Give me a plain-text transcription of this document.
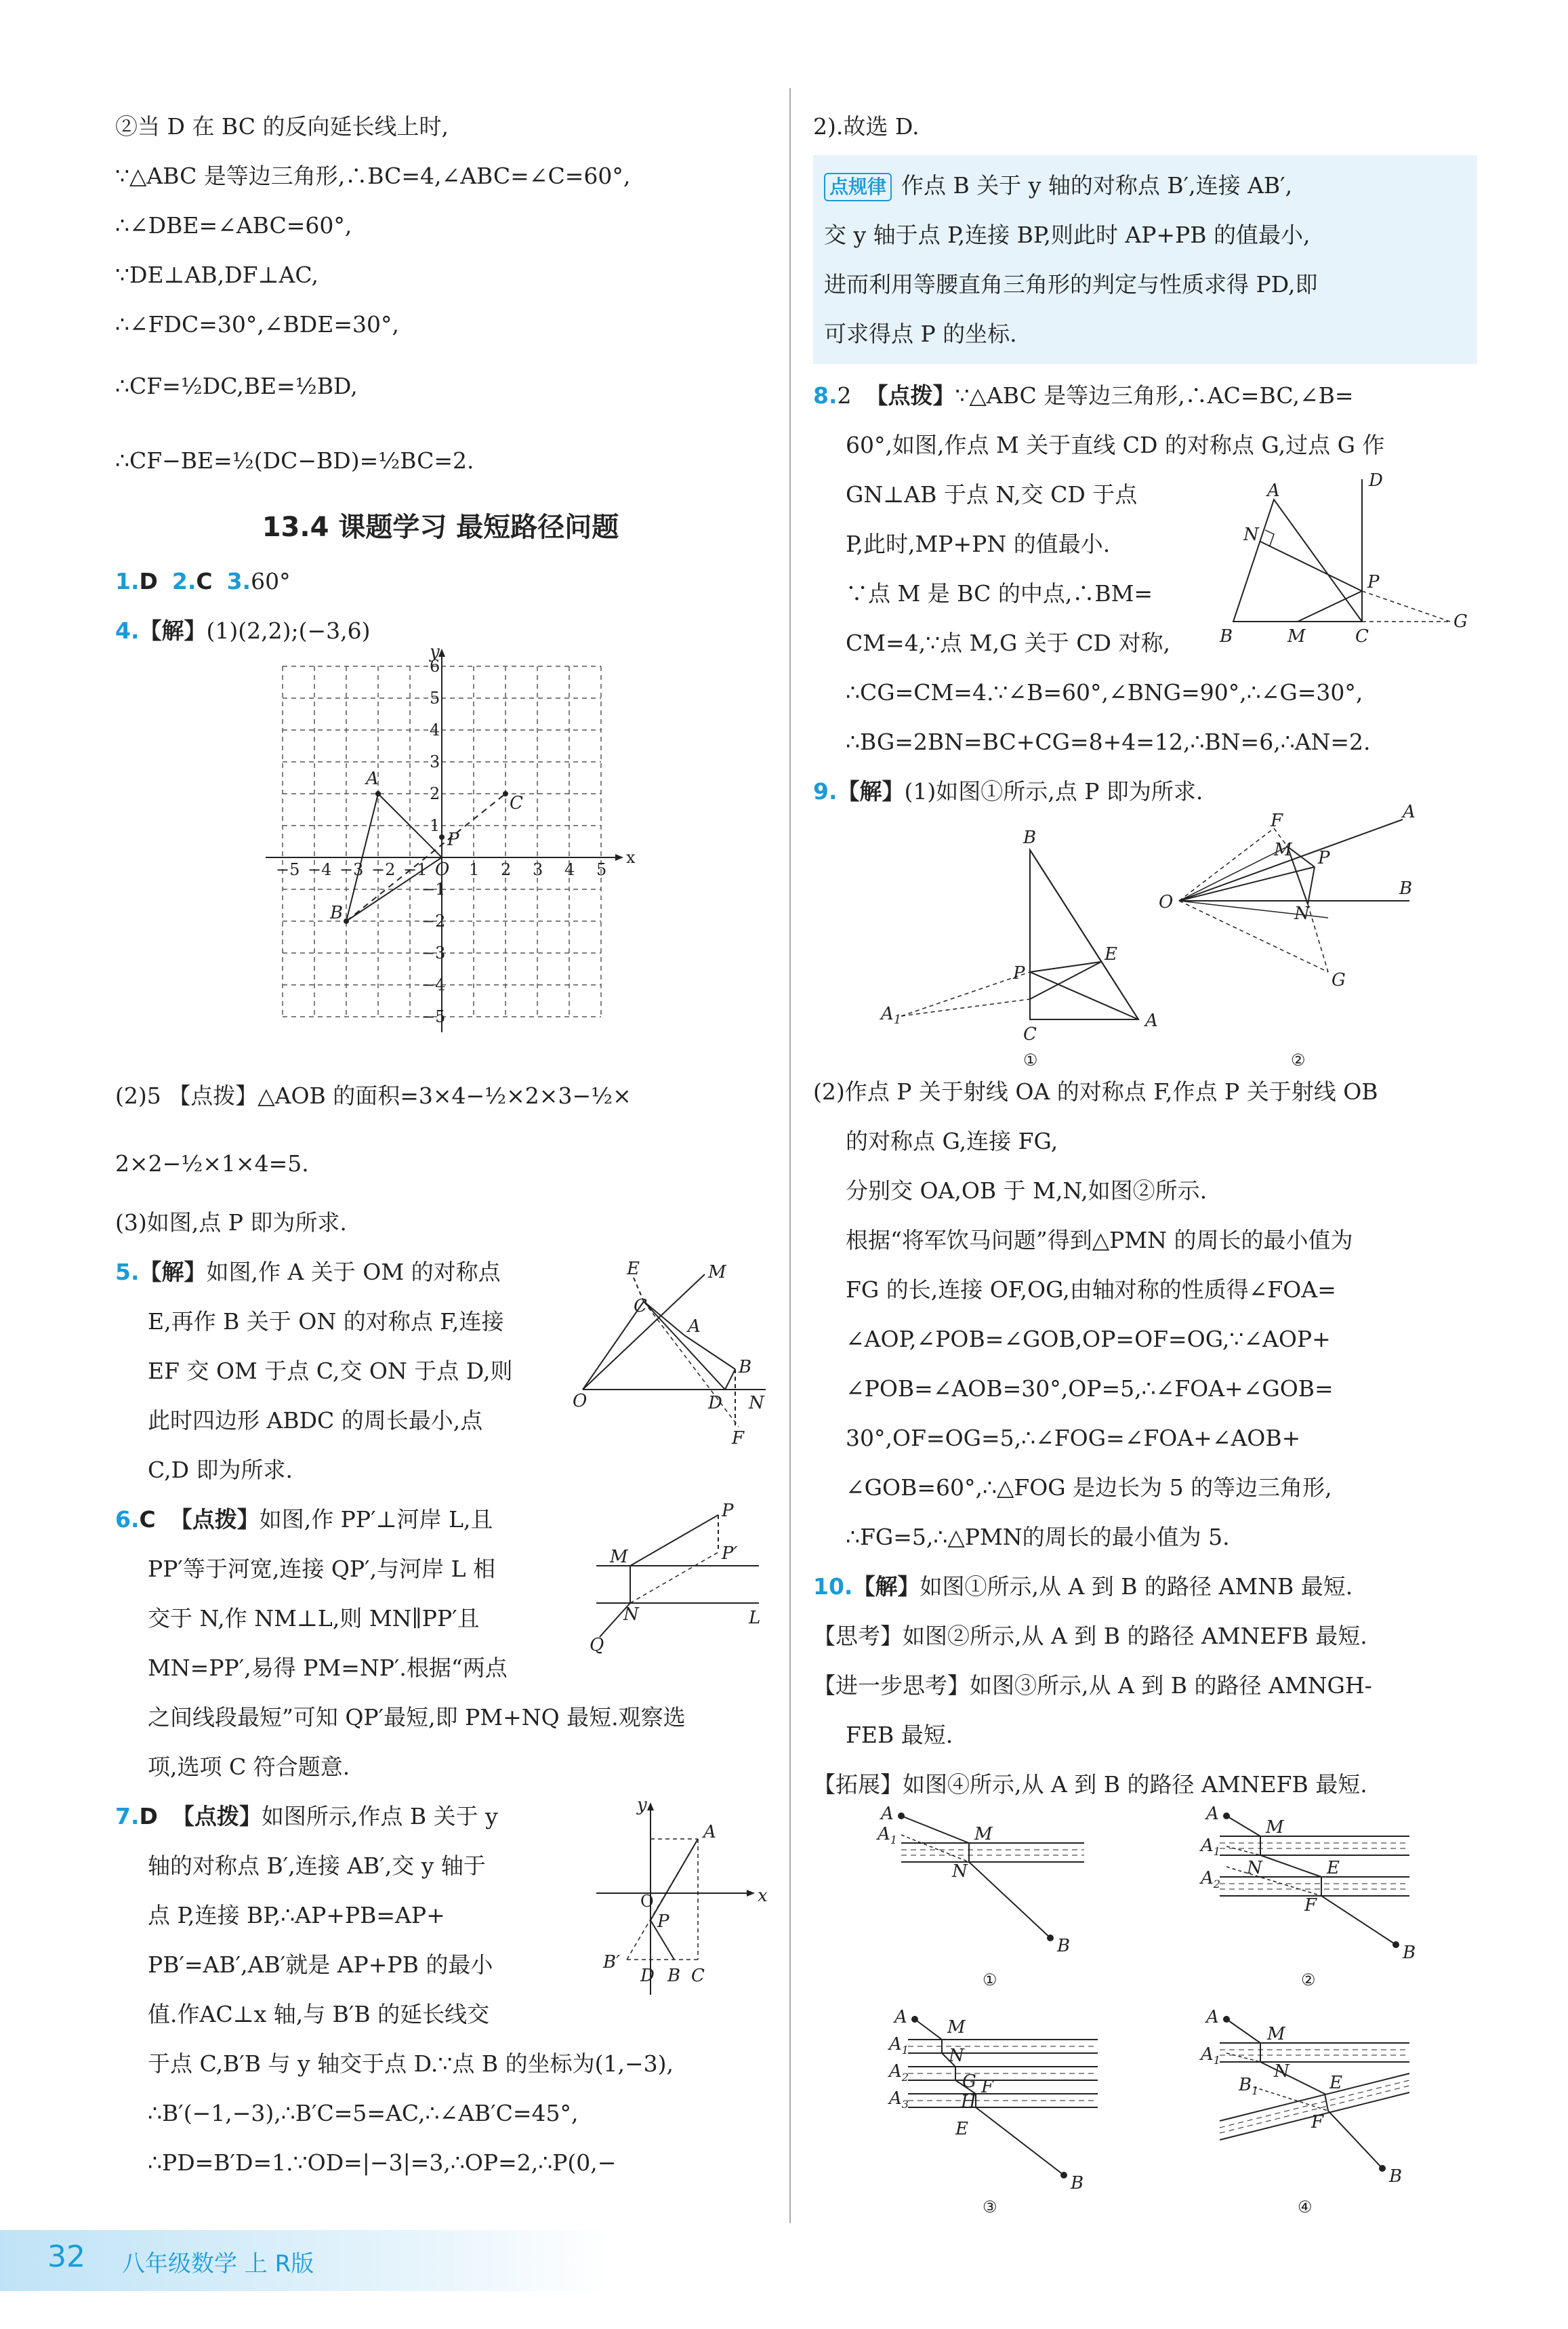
②当 D 在 BC 的反向延长线上时,
∵△ABC 是等边三角形,∴BC=4,∠ABC=∠C=60°,
∴∠DBE=∠ABC=60°,
∵DE⊥AB,DF⊥AC,
∴∠FDC=30°,∠BDE=30°,
∴CF=½DC,BE=½BD,
∴CF−BE=½(DC−BD)=½BC=2.
13.4 课题学习 最短路径问题
1.D 2.C 3.60°
4.【解】(1)(2,2);(−3,6)
x
y
O
−5 −4 −3 −2 −1	1 2 3 4 5
6
5
4
3
2
1
−1
−2
−3
−4
−5
A
B
C
P
(2)5 【点拨】△AOB 的面积=3×4−½×2×3−½×
2×2−½×1×4=5.
(3)如图,点 P 即为所求.
E	M
C
A
B
O	D N
F
5.【解】如图,作 A 关于 OM 的对称点
E,再作 B 关于 ON 的对称点 F,连接
EF 交 OM 于点 C,交 ON 于点 D,则
此时四边形 ABDC 的周长最小,点
C,D 即为所求.
P
P′
M
N	L
Q
6.C 【点拨】如图,作 PP′⊥河岸 L,且
PP′等于河宽,连接 QP′,与河岸 L 相
交于 N,作 NM⊥L,则 MN∥PP′且
MN=PP′,易得 PM=NP′.根据“两点
之间线段最短”可知 QP′最短,即 PM+NQ 最短.观察选
项,选项 C 符合题意.
O
A
x
y
P
B′
D B C
7.D 【点拨】如图所示,作点 B 关于 y
轴的对称点 B′,连接 AB′,交 y 轴于
点 P,连接 BP,∴AP+PB=AP+
PB′=AB′,AB′就是 AP+PB 的最小
值.作AC⊥x 轴,与 B′B 的延长线交
于点 C,B′B 与 y 轴交于点 D.∵点 B 的坐标为(1,−3),
∴B′(−1,−3),∴B′C=5=AC,∴∠AB′C=45°,
∴PD=B′D=1.∵OD=|−3|=3,∴OP=2,∴P(0,−
2).故选 D.
点规律 作点 B 关于 y 轴的对称点 B′,连接 AB′,
交 y 轴于点 P,连接 BP,则此时 AP+PB 的值最小,
进而利用等腰直角三角形的判定与性质求得 PD,即
可求得点 P 的坐标.
A	D
N
P
B	M	C
G
8.2 【点拨】∵△ABC 是等边三角形,∴AC=BC,∠B=
60°,如图,作点 M 关于直线 CD 的对称点 G,过点 G 作
GN⊥AB 于点 N,交 CD 于点
P,此时,MP+PN 的值最小.
∵点 M 是 BC 的中点,∴BM=
CM=4,∵点 M,G 关于 CD 对称,
∴CG=CM=4.∵∠B=60°,∠BNG=90°,∴∠G=30°,
∴BG=2BN=BC+CG=8+4=12,∴BN=6,∴AN=2.
9.【解】(1)如图①所示,点 P 即为所求.
B
E
P
A
C
$A_1$
①
F	A
M P
O
B
N
G
②
(2)作点 P 关于射线 OA 的对称点 F,作点 P 关于射线 OB
的对称点 G,连接 FG,
分别交 OA,OB 于 M,N,如图②所示.
根据“将军饮马问题”得到△PMN 的周长的最小值为
FG 的长,连接 OF,OG,由轴对称的性质得∠FOA=
∠AOP,∠POB=∠GOB,OP=OF=OG,∵∠AOP+
∠POB=∠AOB=30°,OP=5,∴∠FOA+∠GOB=
30°,OF=OG=5,∴∠FOG=∠FOA+∠AOB+
∠GOB=60°,∴△FOG 是边长为 5 的等边三角形,
∴FG=5,∴△PMN的周长的最小值为 5.
10.【解】如图①所示,从 A 到 B 的路径 AMNB 最短.
【思考】如图②所示,从 A 到 B 的路径 AMNEFB 最短.
【进一步思考】如图③所示,从 A 到 B 的路径 AMNGH-
FEB 最短.
【拓展】如图④所示,从 A 到 B 的路径 AMNEFB 最短.
A
$A_1$	M
N
B
①
A
$A_1$
$A_2$
M
N	E
F
B
②
A
$A_1$
$A_2$
$A_3$
M
N
G
H
F
E
B
③
A
$A_1$
$B_1$
M
N
E
F
B
④
32 八年级数学 上 R版
